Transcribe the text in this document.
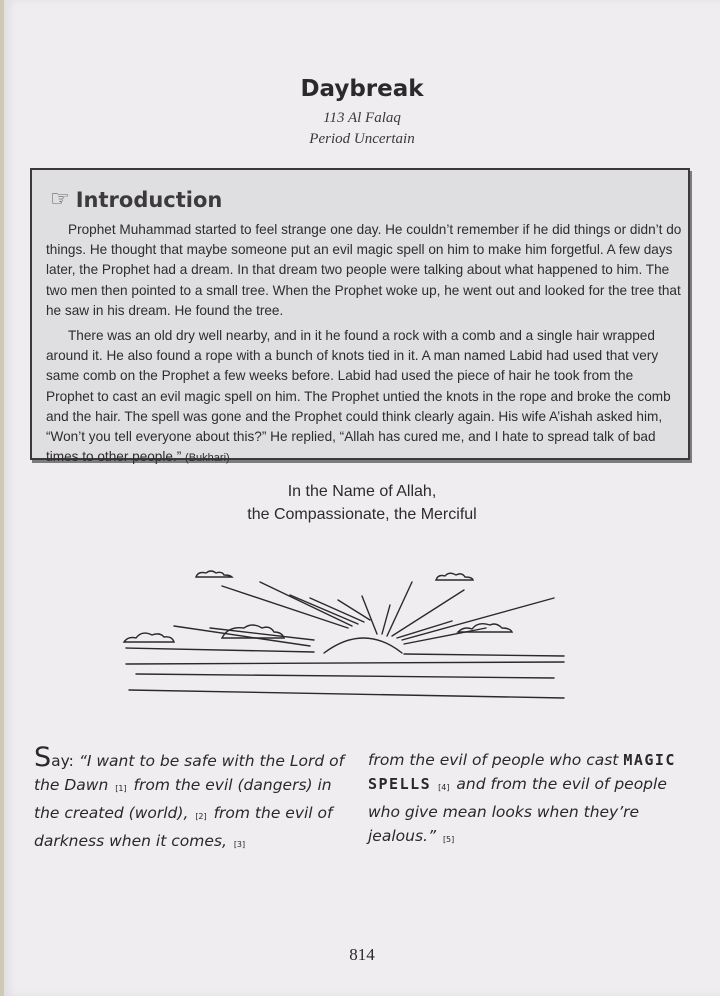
Daybreak
113 Al Falaq
Period Uncertain
☞ Introduction

Prophet Muhammad started to feel strange one day. He couldn’t remember if he did things or didn’t do things. He thought that maybe someone put an evil magic spell on him to make him forgetful. A few days later, the Prophet had a dream. In that dream two people were talking about what happened to him. The two men then pointed to a small tree. When the Prophet woke up, he went out and looked for the tree that he saw in his dream. He found the tree.

There was an old dry well nearby, and in it he found a rock with a comb and a single hair wrapped around it. He also found a rope with a bunch of knots tied in it. A man named Labid had used that very same comb on the Prophet a few weeks before. Labid had used the piece of hair he took from the Prophet to cast an evil magic spell on him. The Prophet untied the knots in the rope and broke the comb and the hair. The spell was gone and the Prophet could think clearly again. His wife A’ishah asked him, “Won’t you tell everyone about this?” He replied, “Allah has cured me, and I hate to spread talk of bad times to other people.” (Bukhari)

In the Name of Allah,
the Compassionate, the Merciful
Say: “I want to be safe with the Lord of the Dawn [1] from the evil (dangers) in the created (world), [2] from the evil of darkness when it comes, [3]
from the evil of people who cast MAGIC SPELLS [4] and from the evil of people who give mean looks when they’re jealous.” [5]
814
